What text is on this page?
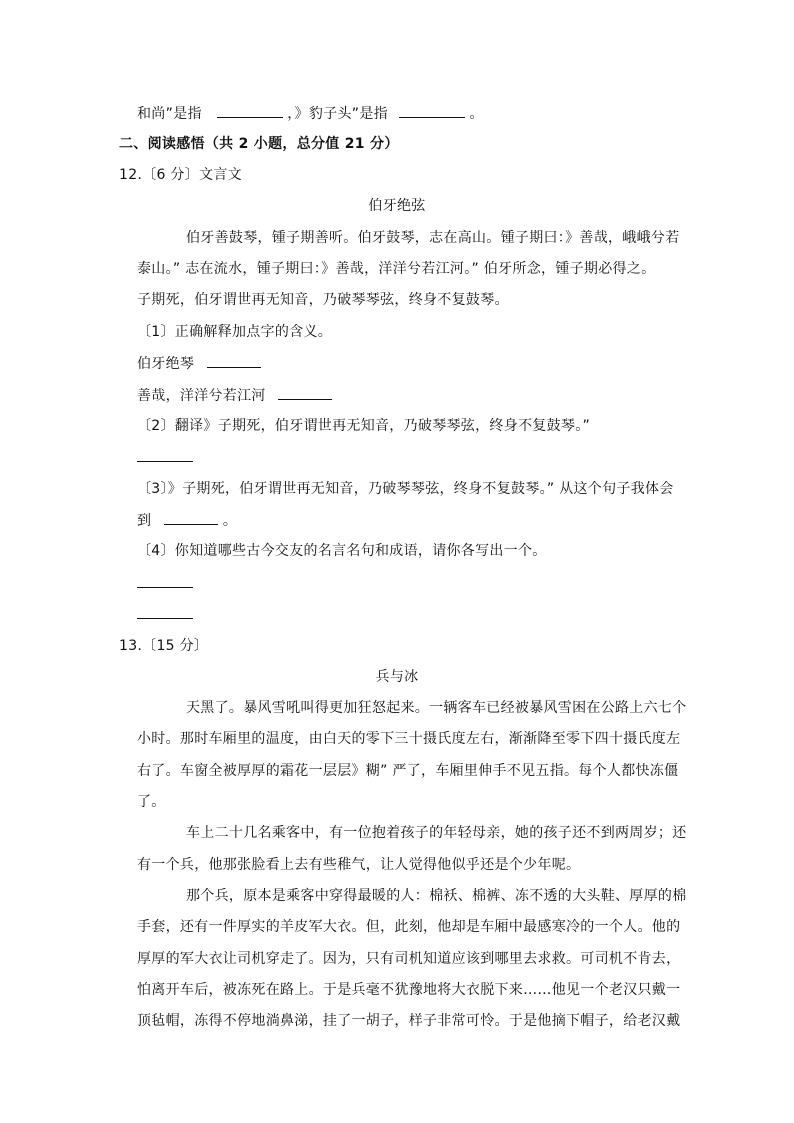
和尚”是指	，》豹子头”是指	。
二、阅读感悟（共 2 小题，总分值 21 分）
12.〔6 分〕文言文
伯牙绝弦
伯牙善鼓琴，锺子期善听。伯牙鼓琴，志在高山。锺子期曰：》善哉，峨峨兮若
泰山。” 志在流水，锺子期曰：》善哉，洋洋兮若江河。” 伯牙所念，锺子期必得之。
子期死，伯牙谓世再无知音，乃破琴琴弦，终身不复鼓琴。
〔1〕正确解释加点字的含义。
伯牙绝琴
善哉，洋洋兮若江河
〔2〕翻译》子期死，伯牙谓世再无知音，乃破琴琴弦，终身不复鼓琴。”
〔3〕》子期死，伯牙谓世再无知音，乃破琴琴弦，终身不复鼓琴。” 从这个句子我体会
到	。
〔4〕你知道哪些古今交友的名言名句和成语，请你各写出一个。
13.〔15 分〕
兵与冰
天黑了。暴风雪吼叫得更加狂怒起来。一辆客车已经被暴风雪困在公路上六七个
小时。那时车厢里的温度，由白天的零下三十摄氏度左右，渐渐降至零下四十摄氏度左
右了。车窗全被厚厚的霜花一层层》糊” 严了，车厢里伸手不见五指。每个人都快冻僵
了。
车上二十几名乘客中，有一位抱着孩子的年轻母亲，她的孩子还不到两周岁；还
有一个兵，他那张脸看上去有些稚气，让人觉得他似乎还是个少年呢。
那个兵，原本是乘客中穿得最暖的人：棉袄、棉裤、冻不透的大头鞋、厚厚的棉
手套，还有一件厚实的羊皮军大衣。但，此刻，他却是车厢中最感寒冷的一个人。他的
厚厚的军大衣让司机穿走了。因为，只有司机知道应该到哪里去求救。可司机不肯去，
怕离开车后，被冻死在路上。于是兵毫不犹豫地将大衣脱下来……他见一个老汉只戴一
顶毡帽，冻得不停地淌鼻涕，挂了一胡子，样子非常可怜。于是他摘下帽子，给老汉戴
